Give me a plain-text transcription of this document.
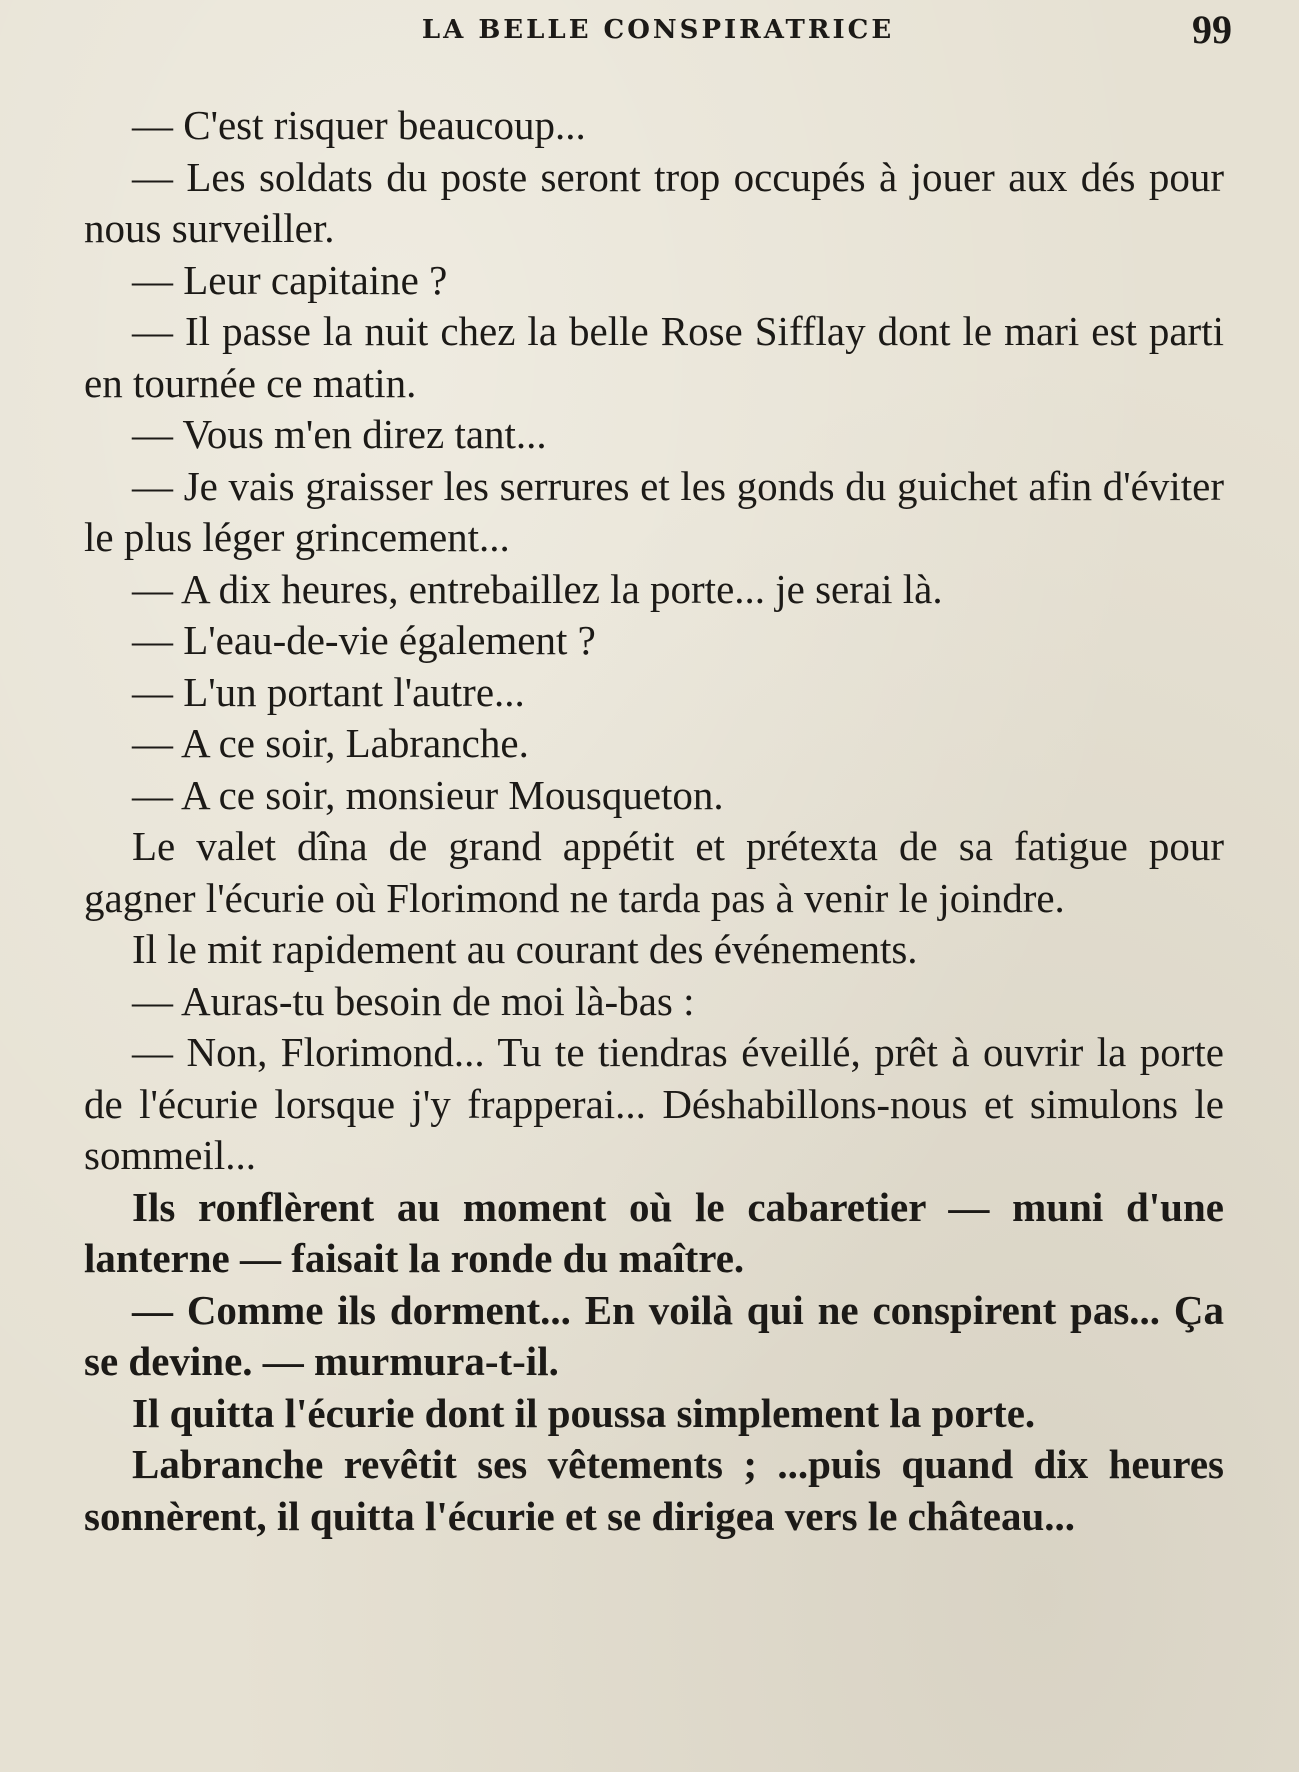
LA BELLE CONSPIRATRICE	99

— C'est risquer beaucoup...

— Les soldats du poste seront trop occupés à jouer aux dés pour nous surveiller.

— Leur capitaine ?

— Il passe la nuit chez la belle Rose Sifflay dont le mari est parti en tournée ce matin.

— Vous m'en direz tant...

— Je vais graisser les serrures et les gonds du guichet afin d'éviter le plus léger grincement...

— A dix heures, entrebaillez la porte... je serai là.

— L'eau-de-vie également ?

— L'un portant l'autre...

— A ce soir, Labranche.

— A ce soir, monsieur Mousqueton.

Le valet dîna de grand appétit et prétexta de sa fatigue pour gagner l'écurie où Florimond ne tarda pas à venir le joindre.

Il le mit rapidement au courant des événements.

— Auras-tu besoin de moi là-bas :

— Non, Florimond... Tu te tiendras éveillé, prêt à ouvrir la porte de l'écurie lorsque j'y frapperai... Déshabillons-nous et simulons le sommeil...

Ils ronflèrent au moment où le cabaretier — muni d'une lanterne — faisait la ronde du maître.

— Comme ils dorment... En voilà qui ne conspirent pas... Ça se devine. — murmura-t-il.

Il quitta l'écurie dont il poussa simplement la porte.

Labranche revêtit ses vêtements ; ...puis quand dix heures sonnèrent, il quitta l'écurie et se dirigea vers le château...
